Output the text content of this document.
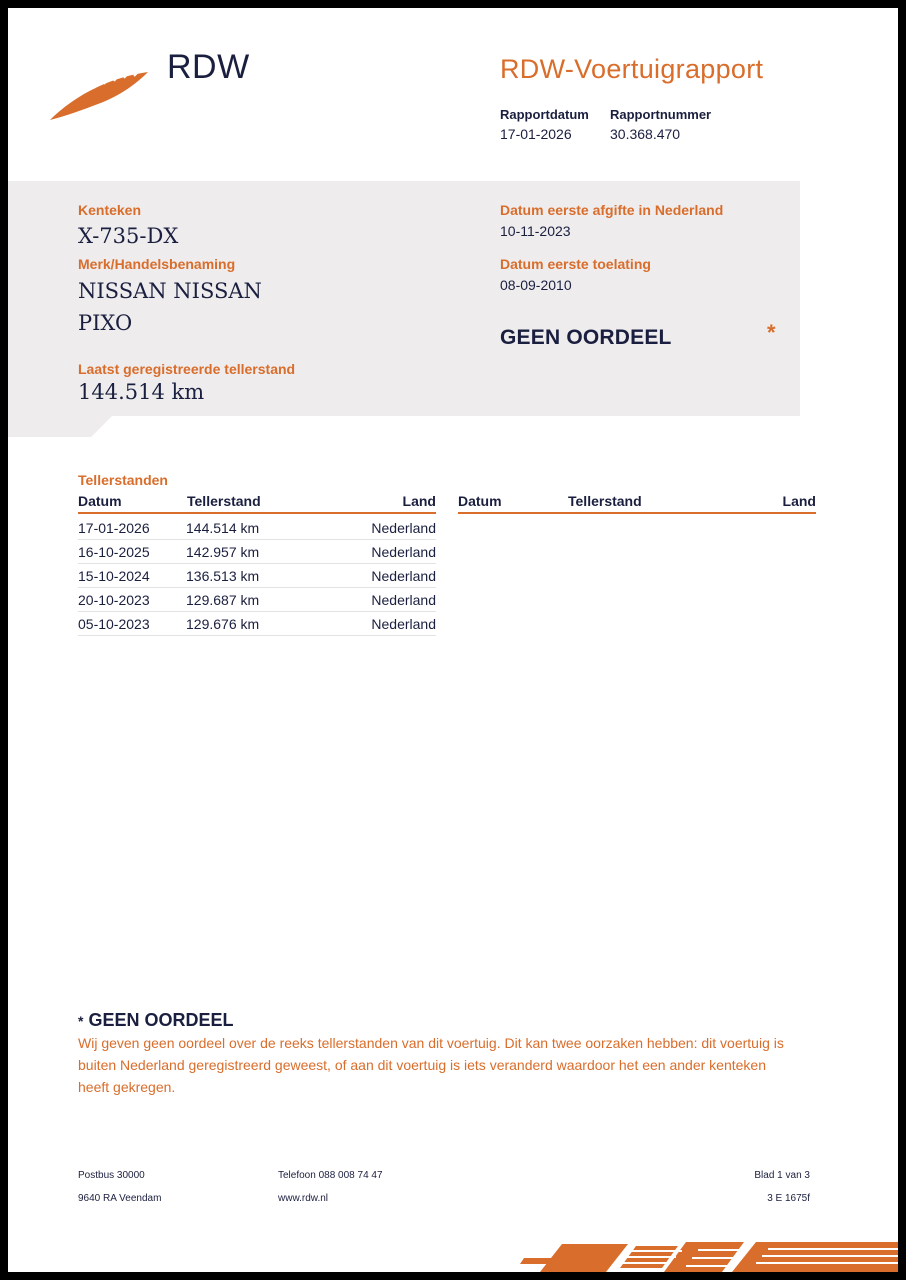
RDW	RDW-Voertuigrapport
Rapportdatum
17-01-2026
Rapportnummer
30.368.470
Kenteken
X-735-DX
Merk/Handelsbenaming
NISSAN NISSAN
PIXO
Laatst geregistreerde tellerstand
144.514 km
Datum eerste afgifte in Nederland
10-11-2023
Datum eerste toelating
08-09-2010
GEEN OORDEEL	*
Tellerstanden
Datum	Tellerstand	Land
17-01-2026	144.514 km	Nederland
16-10-2025	142.957 km	Nederland
15-10-2024	136.513 km	Nederland
20-10-2023	129.687 km	Nederland
05-10-2023	129.676 km	Nederland
Datum	Tellerstand	Land
* GEEN OORDEEL
Wij geven geen oordeel over de reeks tellerstanden van dit voertuig. Dit kan twee oorzaken hebben: dit voertuig is
buiten Nederland geregistreerd geweest, of aan dit voertuig is iets veranderd waardoor het een ander kenteken
heeft gekregen.
Postbus 30000
9640 RA Veendam
Telefoon 088 008 74 47
www.rdw.nl
Blad 1 van 3
3 E 1675f
